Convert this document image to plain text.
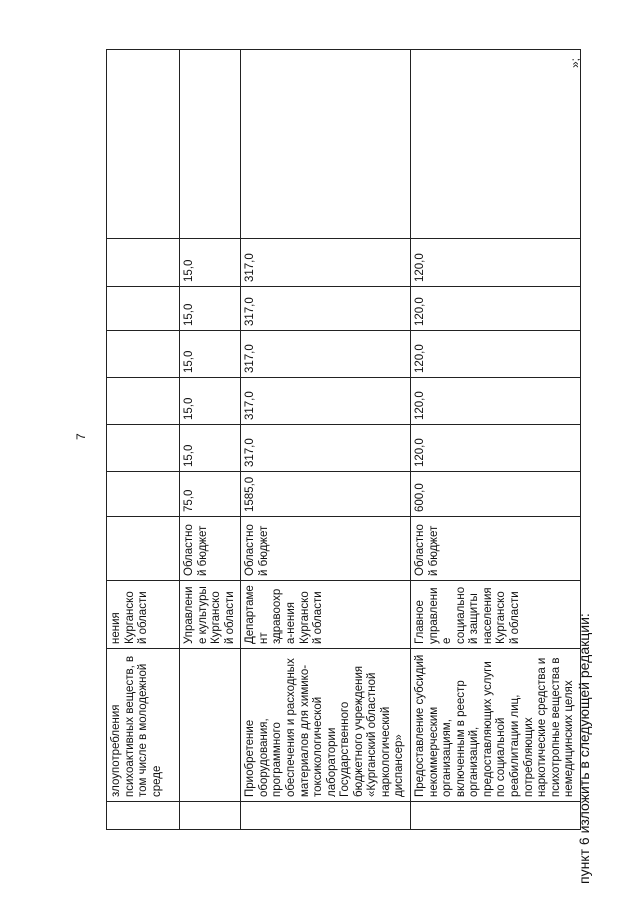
7
»;
пункт 6 изложить в следующей редакции:
	злоупотребления психоактивных веществ, в том числе в молодежной среде	нения Курганской области								
		Управление культуры Курганской области	Областной бюджет	75,0	15,0	15,0	15,0	15,0	15,0	
	Приобретение оборудования, программного обеспечения и расходных материалов для химико-токсикологической лаборатории Государственного бюджетного учреждения «Курганский областной наркологический диспансер»	Департамент здравоохра-нения Курганской области	Областной бюджет	1585,0	317,0	317,0	317,0	317,0	317,0	
	Предоставление субсидий некоммерческим организациям, включенным в реестр организаций, предоставляющих услуги по социальной реабилитации лиц, потребляющих наркотические средства и психотропные вещества в немедицинских целях	Главное управление социальной защиты населения Курганской области	Областной бюджет	600,0	120,0	120,0	120,0	120,0	120,0	
